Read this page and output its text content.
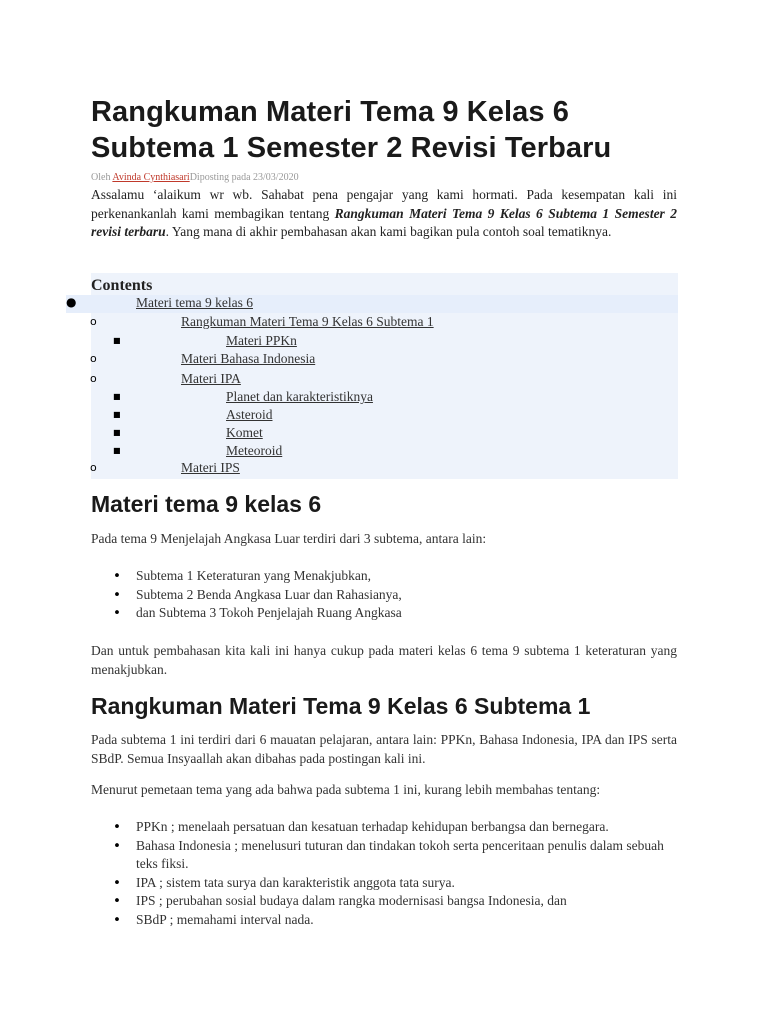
Rangkuman Materi Tema 9 Kelas 6 Subtema 1 Semester 2 Revisi Terbaru
Oleh Avinda CynthiasariDiposting pada 23/03/2020

Assalamu ‘alaikum wr wb. Sahabat pena pengajar yang kami hormati. Pada kesempatan kali ini perkenankanlah kami membagikan tentang Rangkuman Materi Tema 9 Kelas 6 Subtema 1 Semester 2 revisi terbaru. Yang mana di akhir pembahasan akan kami bagikan pula contoh soal tematiknya.

Contents
●	Materi tema 9 kelas 6
o	Rangkuman Materi Tema 9 Kelas 6 Subtema 1
■	Materi PPKn
o	Materi Bahasa Indonesia
o	Materi IPA
■	Planet dan karakteristiknya
■	Asteroid
■	Komet
■	Meteoroid
o	Materi IPS
Materi tema 9 kelas 6

Pada tema 9 Menjelajah Angkasa Luar terdiri dari 3 subtema, antara lain:

• Subtema 1 Keteraturan yang Menakjubkan,
• Subtema 2 Benda Angkasa Luar dan Rahasianya,
• dan Subtema 3 Tokoh Penjelajah Ruang Angkasa

Dan untuk pembahasan kita kali ini hanya cukup pada materi kelas 6 tema 9 subtema 1 keteraturan yang menakjubkan.

Rangkuman Materi Tema 9 Kelas 6 Subtema 1

Pada subtema 1 ini terdiri dari 6 mauatan pelajaran, antara lain: PPKn, Bahasa Indonesia, IPA dan IPS serta SBdP. Semua Insyaallah akan dibahas pada postingan kali ini.

Menurut pemetaan tema yang ada bahwa pada subtema 1 ini, kurang lebih membahas tentang:

• PPKn ; menelaah persatuan dan kesatuan terhadap kehidupan berbangsa dan bernegara.
• Bahasa Indonesia ; menelusuri tuturan dan tindakan tokoh serta penceritaan penulis dalam sebuah teks fiksi.
• IPA ; sistem tata surya dan karakteristik anggota tata surya.
• IPS ; perubahan sosial budaya dalam rangka modernisasi bangsa Indonesia, dan
• SBdP ; memahami interval nada.
